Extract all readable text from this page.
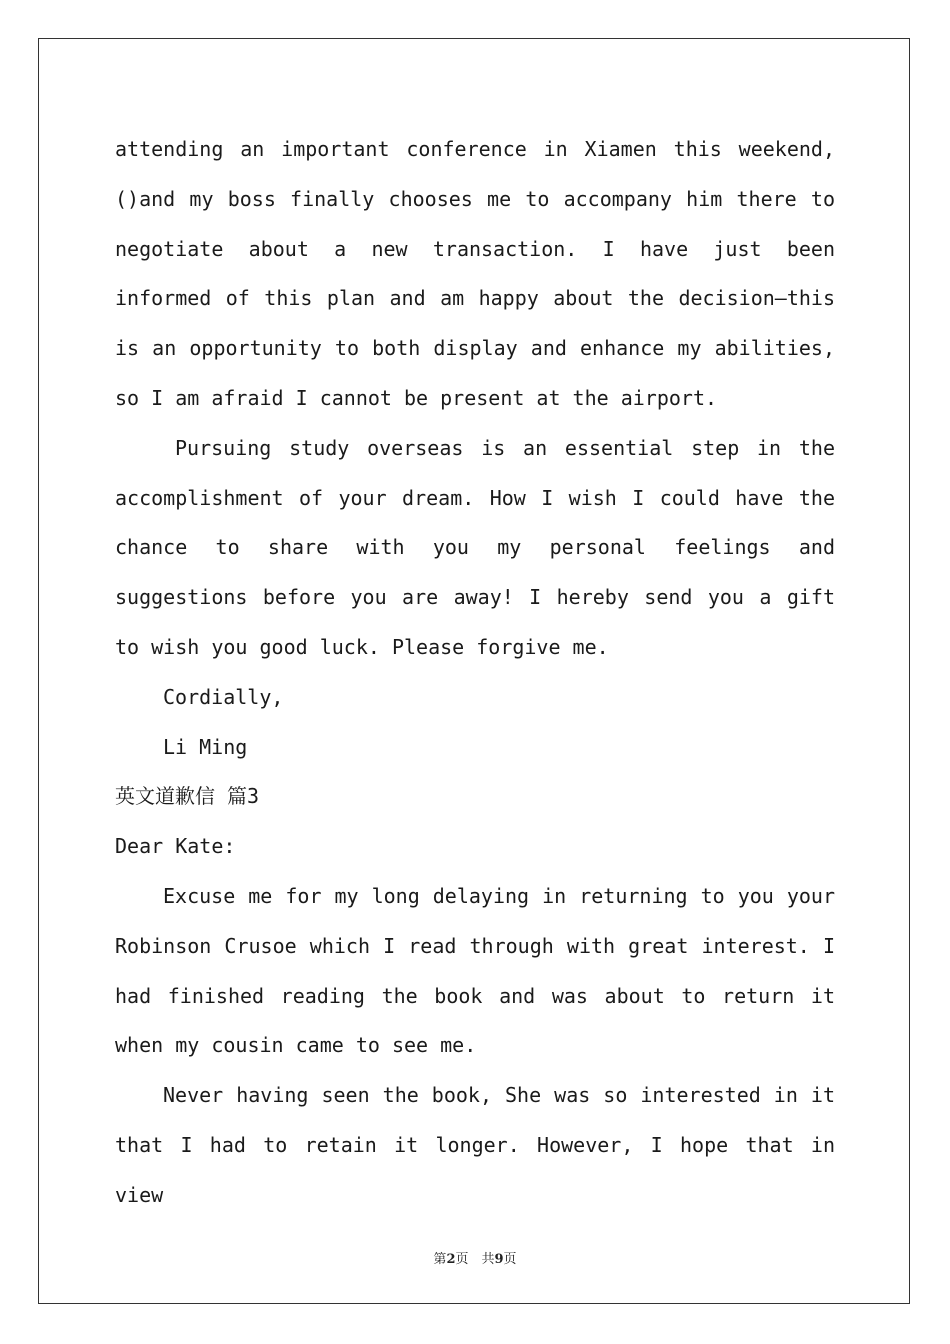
attending an important conference in Xiamen this weekend, ()and my boss finally chooses me to accompany him there to negotiate about a new transaction. I have just been informed of this plan and am happy about the decision—this is an opportunity to both display and enhance my abilities, so I am afraid I cannot be present at the airport.

Pursuing study overseas is an essential step in the accomplishment of your dream. How I wish I could have the chance to share with you my personal feelings and suggestions before you are away! I hereby send you a gift to wish you good luck. Please forgive me.

Cordially,

Li Ming

英文道歉信 篇3

Dear Kate:

Excuse me for my long delaying in returning to you your Robinson Crusoe which I read through with great interest. I had finished reading the book and was about to return it when my cousin came to see me.

Never having seen the book, She was so interested in it that I had to retain it longer. However, I hope that in view

第2页　共9页
